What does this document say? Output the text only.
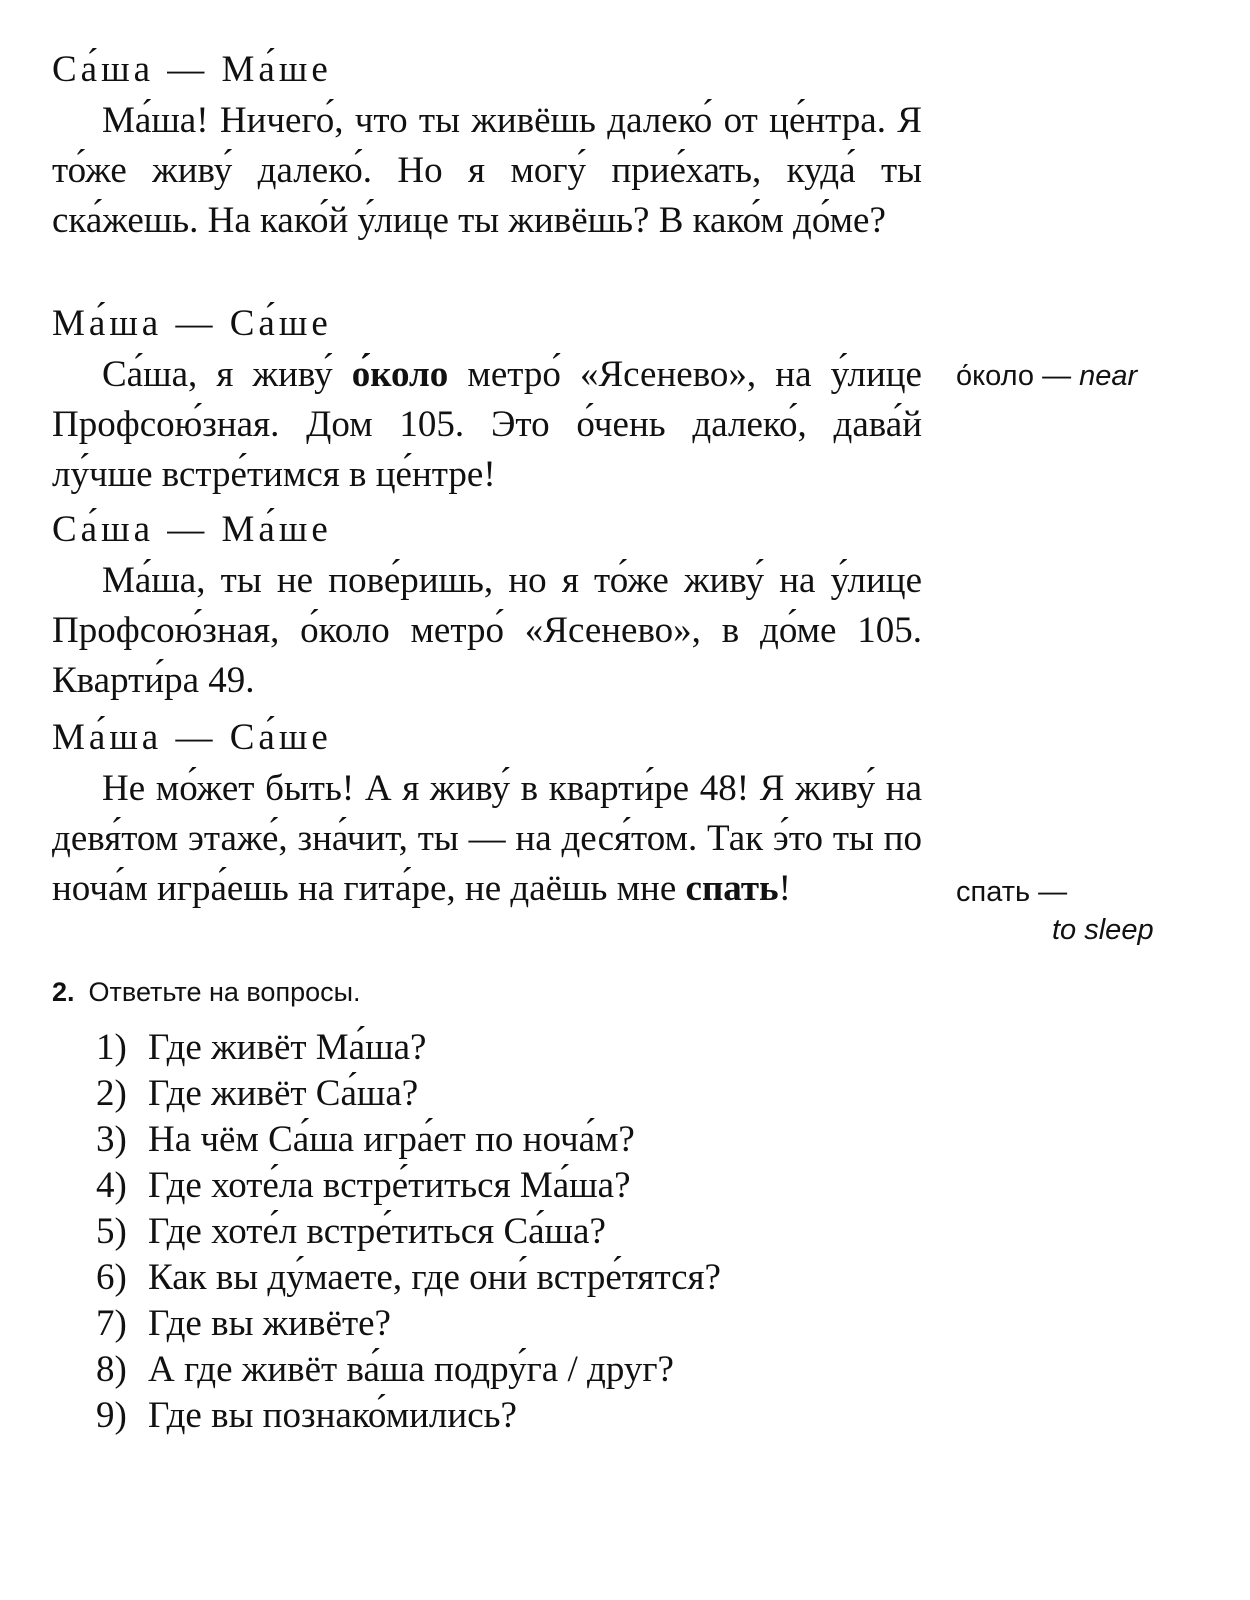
Са́ша — Ма́ше
Ма́ша! Ничего́, что ты живёшь далеко́ от це́нтра. Я то́же живу́ далеко́. Но я могу́ прие́хать, куда́ ты ска́жешь. На како́й у́лице ты живёшь? В како́м до́ме?
Ма́ша — Са́ше
Са́ша, я живу́ о́коло метро́ «Ясенево», на у́лице Профсою́зная. Дом 105. Это о́чень далеко́, дава́й лу́чше встре́тимся в це́нтре!
Са́ша — Ма́ше
Ма́ша, ты не пове́ришь, но я то́же живу́ на у́лице Профсою́зная, о́коло метро́ «Ясенево», в до́ме 105. Кварти́ра 49.
Ма́ша — Са́ше
Не мо́жет быть! А я живу́ в кварти́ре 48! Я живу́ на девя́том этаже́, зна́чит, ты — на деся́том. Так э́то ты по ноча́м игра́ешь на гита́ре, не даёшь мне спать!
о́коло — near
спать —
to sleep
2. Ответьте на вопросы.
1) Где живёт Ма́ша?
2) Где живёт Са́ша?
3) На чём Са́ша игра́ет по ноча́м?
4) Где хоте́ла встре́титься Ма́ша?
5) Где хоте́л встре́титься Са́ша?
6) Как вы ду́маете, где они́ встре́тятся?
7) Где вы живёте?
8) А где живёт ва́ша подру́га / друг?
9) Где вы познако́мились?
